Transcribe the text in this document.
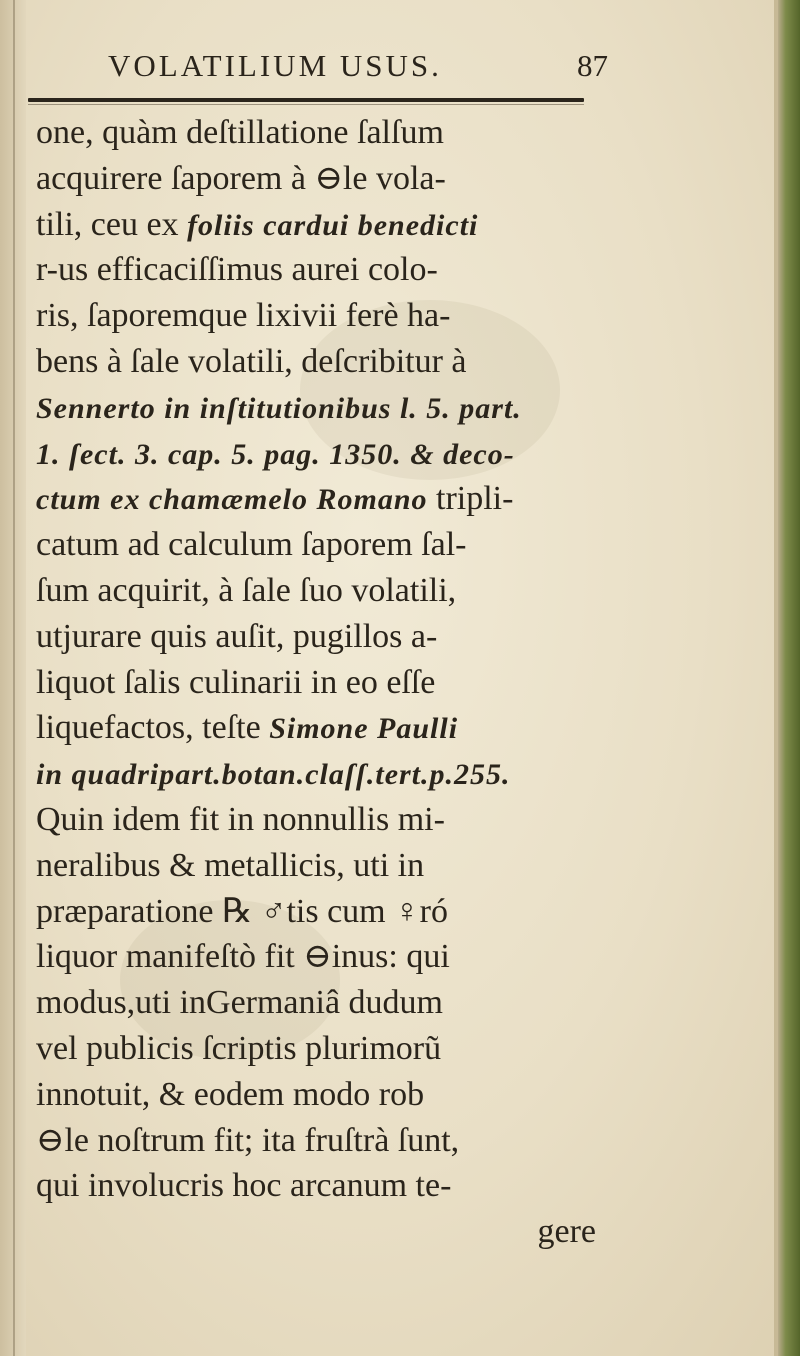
VOLATILIUM USUS.	87
one, quàm deſtillatione ſalſum
acquirere ſaporem à ⊖le vola-
tili, ceu ex foliis cardui benedicti
r-us efficaciſſimus aurei colo-
ris, ſaporemque lixivii ferè ha-
bens à ſale volatili, deſcribitur à
Sennerto in inſtitutionibus l. 5. part.
1. ſect. 3. cap. 5. pag. 1350. & deco-
ctum ex chamæmelo Romano tripli-
catum ad calculum ſaporem ſal-
ſum acquirit, à ſale ſuo volatili,
utjurare quis auſit, pugillos a-
liquot ſalis culinarii in eo eſſe
liquefactos, teſte Simone Paulli
in quadripart.botan.claſſ.tert.p.255.
Quin idem fit in nonnullis mi-
neralibus & metallicis, uti in
præparatione ℞ ♂tis cum ♀ró
liquor manifeſtò fit ⊖inus: qui
modus,uti inGermaniâ dudum
vel publicis ſcriptis plurimorũ
innotuit, & eodem modo rob
⊖le noſtrum fit; ita fruſtrà ſunt,
qui involucris hoc arcanum te-
gere
